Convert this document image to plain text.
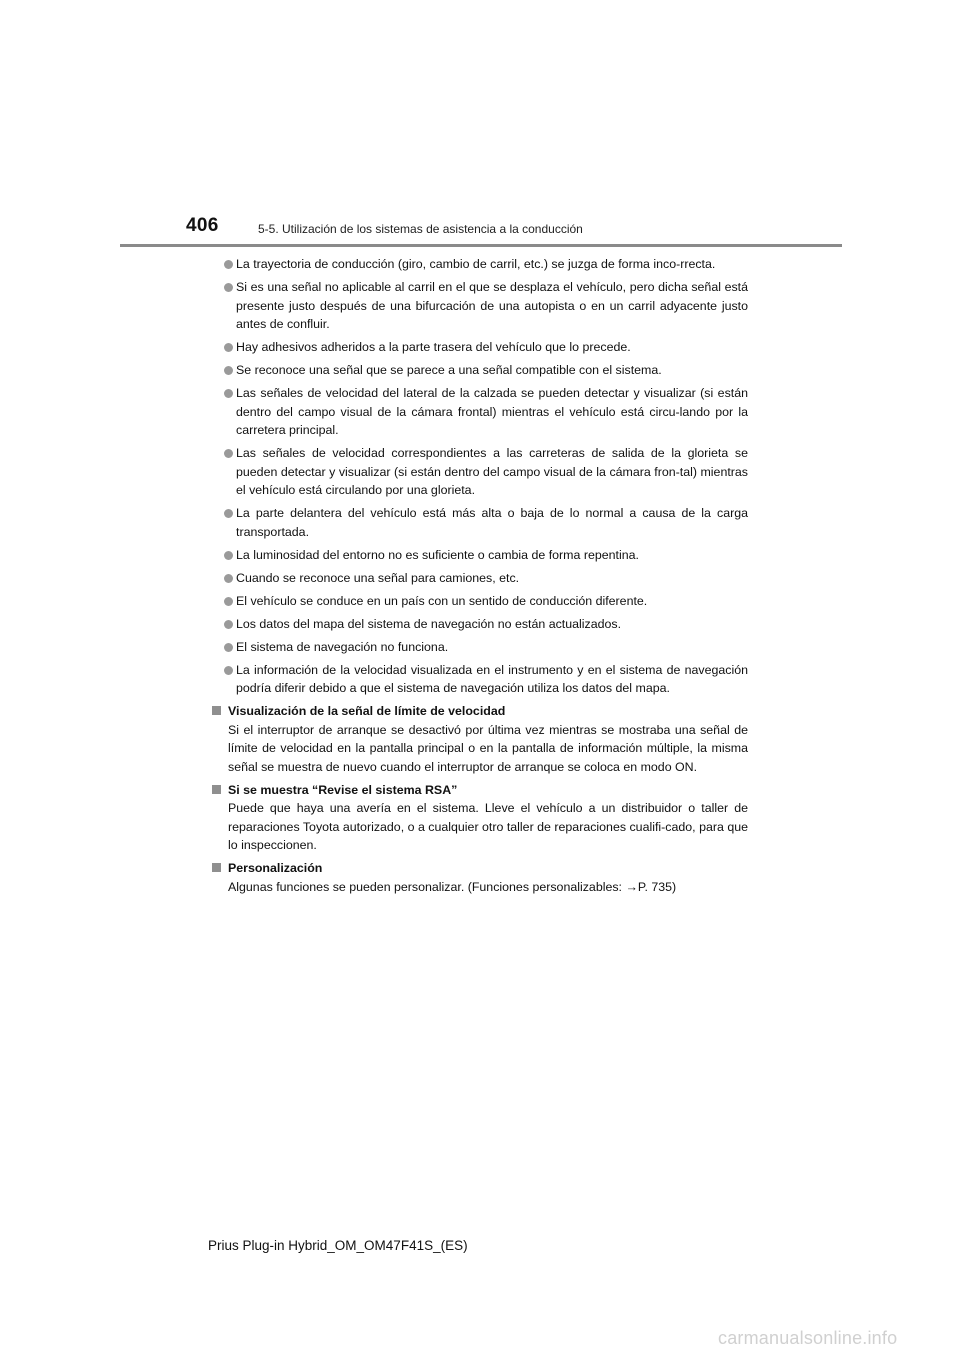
406	5-5. Utilización de los sistemas de asistencia a la conducción
La trayectoria de conducción (giro, cambio de carril, etc.) se juzga de forma inco-rrecta.
Si es una señal no aplicable al carril en el que se desplaza el vehículo, pero dicha señal está presente justo después de una bifurcación de una autopista o en un carril adyacente justo antes de confluir.
Hay adhesivos adheridos a la parte trasera del vehículo que lo precede.
Se reconoce una señal que se parece a una señal compatible con el sistema.
Las señales de velocidad del lateral de la calzada se pueden detectar y visualizar (si están dentro del campo visual de la cámara frontal) mientras el vehículo está circu-lando por la carretera principal.
Las señales de velocidad correspondientes a las carreteras de salida de la glorieta se pueden detectar y visualizar (si están dentro del campo visual de la cámara fron-tal) mientras el vehículo está circulando por una glorieta.
La parte delantera del vehículo está más alta o baja de lo normal a causa de la carga transportada.
La luminosidad del entorno no es suficiente o cambia de forma repentina.
Cuando se reconoce una señal para camiones, etc.
El vehículo se conduce en un país con un sentido de conducción diferente.
Los datos del mapa del sistema de navegación no están actualizados.
El sistema de navegación no funciona.
La información de la velocidad visualizada en el instrumento y en el sistema de navegación podría diferir debido a que el sistema de navegación utiliza los datos del mapa.
Visualización de la señal de límite de velocidad
Si el interruptor de arranque se desactivó por última vez mientras se mostraba una señal de límite de velocidad en la pantalla principal o en la pantalla de información múltiple, la misma señal se muestra de nuevo cuando el interruptor de arranque se coloca en modo ON.
Si se muestra “Revise el sistema RSA”
Puede que haya una avería en el sistema. Lleve el vehículo a un distribuidor o taller de reparaciones Toyota autorizado, o a cualquier otro taller de reparaciones cualifi-cado, para que lo inspeccionen.
Personalización
Algunas funciones se pueden personalizar. (Funciones personalizables: →P. 735)
Prius Plug-in Hybrid_OM_OM47F41S_(ES)
carmanualsonline.info
